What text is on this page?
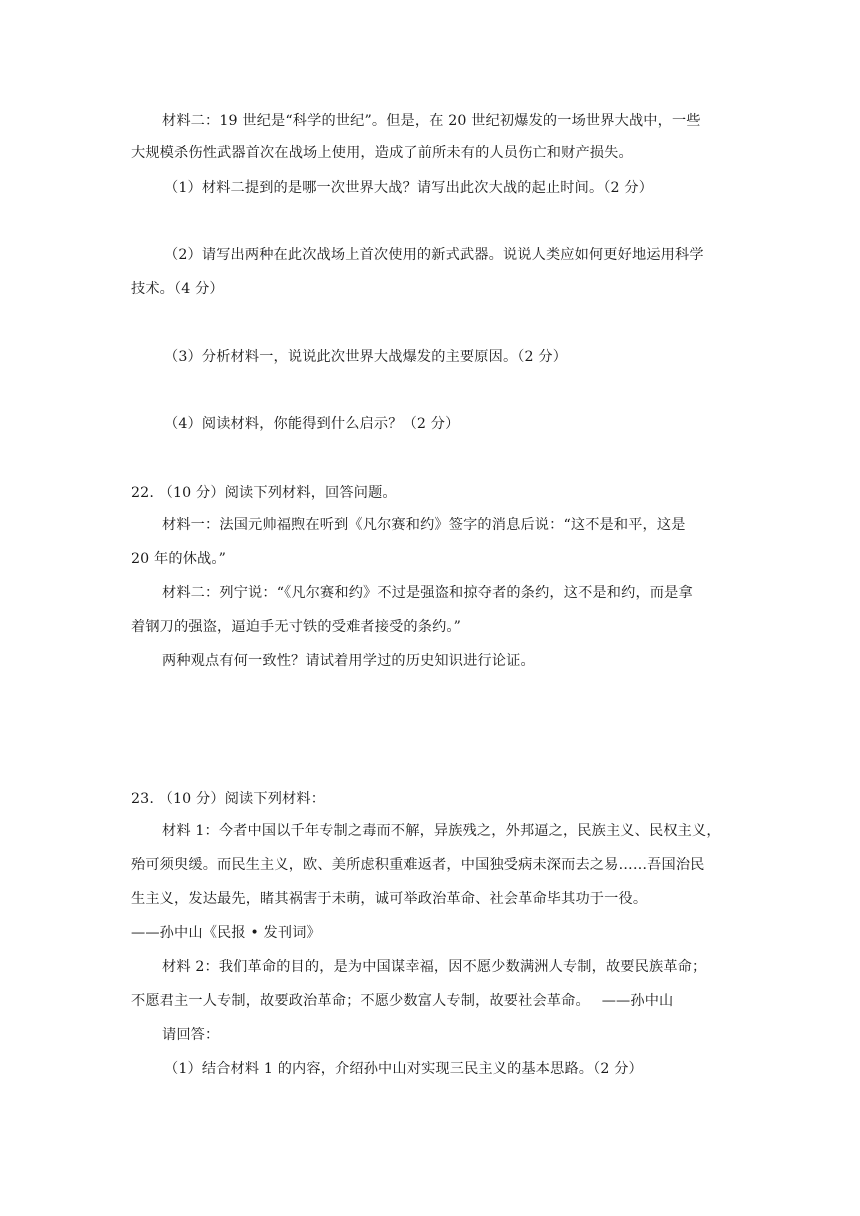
材料二：19 世纪是“科学的世纪”。但是，在 20 世纪初爆发的一场世界大战中，一些
大规模杀伤性武器首次在战场上使用，造成了前所未有的人员伤亡和财产损失。
（1）材料二提到的是哪一次世界大战？请写出此次大战的起止时间。（2 分）
（2）请写出两种在此次战场上首次使用的新式武器。说说人类应如何更好地运用科学
技术。（4 分）
（3）分析材料一，说说此次世界大战爆发的主要原因。（2 分）
（4）阅读材料，你能得到什么启示？（2 分）
22. （10 分）阅读下列材料，回答问题。
材料一：法国元帅福煦在听到《凡尔赛和约》签字的消息后说：“这不是和平，这是
20 年的休战。”
材料二：列宁说：“《凡尔赛和约》不过是强盗和掠夺者的条约，这不是和约，而是拿
着钢刀的强盗，逼迫手无寸铁的受难者接受的条约。”
两种观点有何一致性？请试着用学过的历史知识进行论证。
23. （10 分）阅读下列材料：
材料 1：今者中国以千年专制之毒而不解，异族残之，外邦逼之，民族主义、民权主义，
殆可须臾缓。而民生主义，欧、美所虑积重难返者，中国独受病未深而去之易……吾国治民
生主义，发达最先，睹其祸害于未萌，诚可举政治革命、社会革命毕其功于一役。
——孙中山《民报 • 发刊词》
材料 2：我们革命的目的，是为中国谋幸福，因不愿少数满洲人专制，故要民族革命；
不愿君主一人专制，故要政治革命；不愿少数富人专制，故要社会革命。　 ——孙中山
请回答：
（1）结合材料 1 的内容，介绍孙中山对实现三民主义的基本思路。（2 分）
